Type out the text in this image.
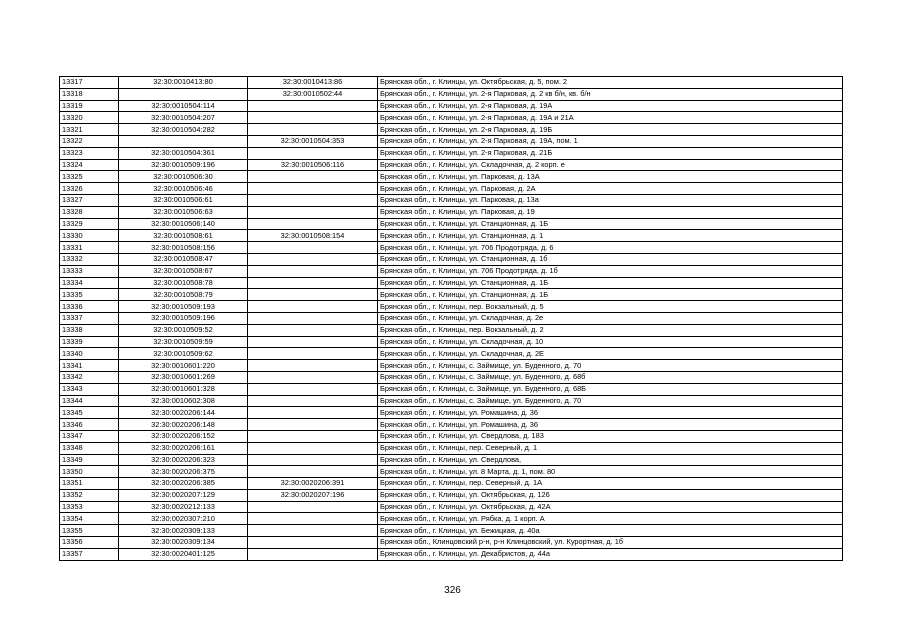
13317	32:30:0010413:80	32:30:0010413:86	Брянская обл., г. Клинцы, ул. Октябрьская, д. 5, пом. 2
13318		32:30:0010502:44	Брянская обл., г. Клинцы, ул. 2-я Парковая, д. 2 кв б/н, кв. б/н
13319	32:30:0010504:114		Брянская обл., г. Клинцы, ул. 2-я Парковая, д. 19А
13320	32:30:0010504:207		Брянская обл., г. Клинцы, ул. 2-я Парковая, д. 19А и 21А
13321	32:30:0010504:282		Брянская обл., г. Клинцы, ул. 2-я Парковая, д. 19Б
13322		32:30:0010504:353	Брянская обл., г. Клинцы, ул. 2-я Парковая, д. 19А, пом. 1
13323	32:30:0010504:361		Брянская обл., г. Клинцы, ул. 2-я Парковая, д. 21Б
13324	32:30:0010509:196	32:30:0010506:116	Брянская обл., г. Клинцы, ул. Складочная, д. 2 корп. е
13325	32:30:0010506:30		Брянская обл., г. Клинцы, ул. Парковая, д. 13А
13326	32:30:0010506:46		Брянская обл., г. Клинцы, ул. Парковая, д. 2А
13327	32:30:0010506:61		Брянская обл., г. Клинцы, ул. Парковая, д. 13а
13328	32:30:0010506:63		Брянская обл., г. Клинцы, ул. Парковая, д. 19
13329	32:30:0010506:140		Брянская обл., г. Клинцы, ул. Станционная, д. 1Б
13330	32:30:0010508:61	32:30:0010508:154	Брянская обл., г. Клинцы, ул. Станционная, д. 1
13331	32:30:0010508:156		Брянская обл., г. Клинцы, ул. 706 Продотряда, д. 6
13332	32:30:0010508:47		Брянская обл., г. Клинцы, ул. Станционная, д. 1б
13333	32:30:0010508:67		Брянская обл., г. Клинцы, ул. 706 Продотряда, д. 1б
13334	32:30:0010508:78		Брянская обл., г. Клинцы, ул. Станционная, д. 1Б
13335	32:30:0010508:79		Брянская обл., г. Клинцы, ул. Станционная, д. 1Б
13336	32:30:0010509:193		Брянская обл., г. Клинцы, пер. Вокзальный, д. 5
13337	32:30:0010509:196		Брянская обл., г. Клинцы, ул. Складочная, д. 2е
13338	32:30:0010509:52		Брянская обл., г. Клинцы, пер. Вокзальный, д. 2
13339	32:30:0010509:59		Брянская обл., г. Клинцы, ул. Складочная, д. 10
13340	32:30:0010509:62		Брянская обл., г. Клинцы, ул. Складочная, д. 2Е
13341	32:30:0010601:220		Брянская обл., г. Клинцы, с. Займище, ул. Буденного, д. 70
13342	32:30:0010601:269		Брянская обл., г. Клинцы, с. Займище, ул. Буденного, д. 68б
13343	32:30:0010601:328		Брянская обл., г. Клинцы, с. Займище, ул. Буденного, д. 68Б
13344	32:30:0010602:308		Брянская обл., г. Клинцы, с. Займище, ул. Буденного, д. 70
13345	32:30:0020206:144		Брянская обл., г. Клинцы, ул. Ромашина, д. 36
13346	32:30:0020206:148		Брянская обл., г. Клинцы, ул. Ромашина, д. 36
13347	32:30:0020206:152		Брянская обл., г. Клинцы, ул. Свердлова, д. 183
13348	32:30:0020206:161		Брянская обл., г. Клинцы, пер. Северный, д. 1
13349	32:30:0020206:323		Брянская обл., г. Клинцы, ул. Свердлова,
13350	32:30:0020206:375		Брянская обл., г. Клинцы, ул. 8 Марта, д. 1, пом. 80
13351	32:30:0020206:385	32:30:0020206:391	Брянская обл., г. Клинцы, пер. Северный, д. 1А
13352	32:30:0020207:129	32:30:0020207:196	Брянская обл., г. Клинцы, ул. Октябрьская, д. 126
13353	32:30:0020212:133		Брянская обл., г. Клинцы, ул. Октябрьская, д. 42А
13354	32:30:0020307:210		Брянская обл., г. Клинцы, ул. Рябка, д. 1 корп. А
13355	32:30:0020309:133		Брянская обл., г. Клинцы, ул. Бежицкая, д. 40а
13356	32:30:0020309:134		Брянская обл., Клинцовский р-н, р-н Клинцовский, ул. Курортная, д. 1б
13357	32:30:0020401:125		Брянская обл., г. Клинцы, ул. Декабристов, д. 44а
326
